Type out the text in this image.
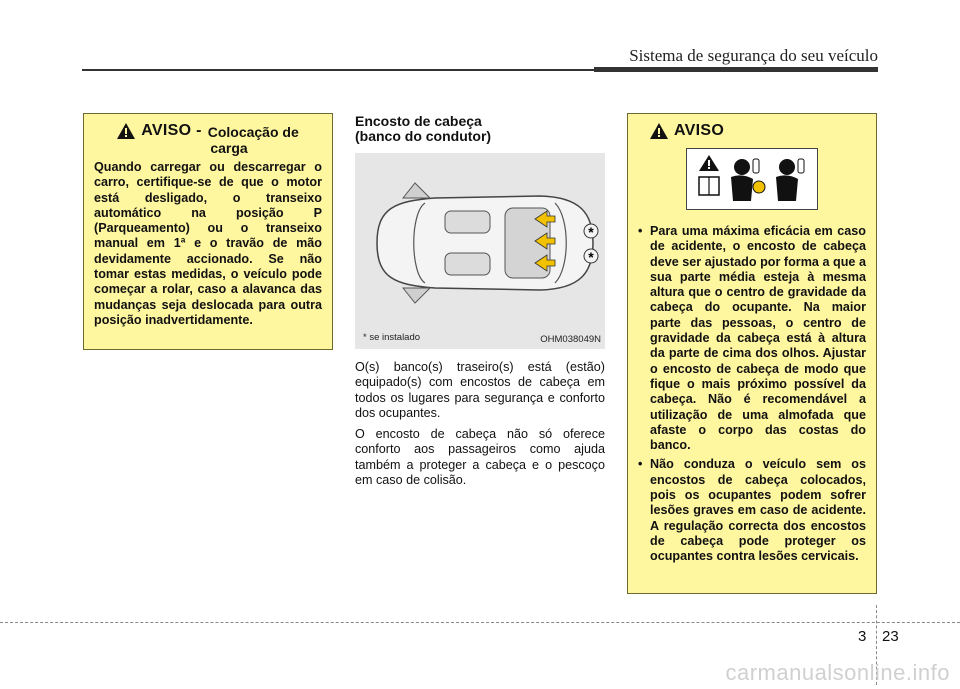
Sistema de segurança do seu veículo
AVISO - Colocação de
carga
Quando carregar ou descarregar o carro, certifique-se de que o motor está desligado, o transeixo automático na posição P (Parqueamento) ou o transeixo manual em 1ª e o travão de mão devidamente accionado. Se não tomar estas medidas, o veículo pode começar a rolar, caso a alavanca das mudanças seja deslocada para outra posição inadvertidamente.
Encosto de cabeça
(banco do condutor)
*
*
* se instalado	OHM038049N

O(s) banco(s) traseiro(s) está (estão) equipado(s) com encostos de cabeça em todos os lugares para segurança e conforto dos ocupantes.

O encosto de cabeça não só oferece conforto aos passageiros como ajuda também a proteger a cabeça e o pescoço em caso de colisão.

AVISO
• Para uma máxima eficácia em caso de acidente, o encosto de cabeça deve ser ajustado por forma a que a sua parte média esteja à mesma altura que o centro de gravidade da cabeça do ocupante. Na maior parte das pessoas, o centro de gravidade da cabeça está à altura da parte de cima dos olhos. Ajustar o encosto de cabeça de modo que fique o mais próximo possível da cabeça. Não é recomendável a utilização de uma almofada que afaste o corpo das costas do banco.
• Não conduza o veículo sem os encostos de cabeça colocados, pois os ocupantes podem sofrer lesões graves em caso de acidente. A regulação correcta dos encostos de cabeça pode proteger os ocupantes contra lesões cervicais.
3 23
carmanualsonline.info
